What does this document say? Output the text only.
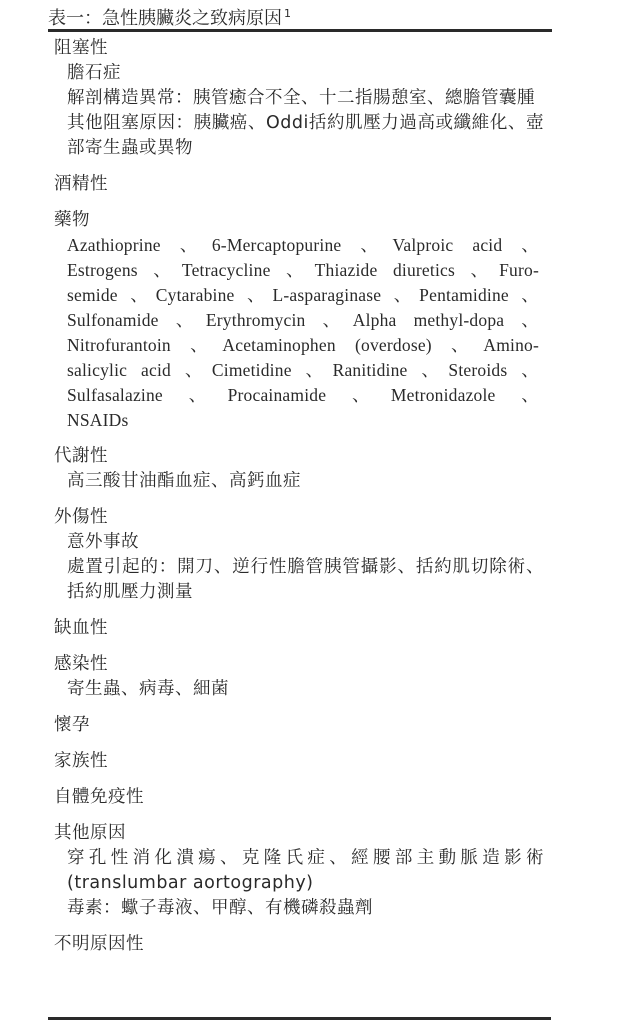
表一：急性胰臟炎之致病原因 $^1$
阻塞性
膽石症
解剖構造異常：胰管癒合不全、十二指腸憩室、總膽管囊腫
其他阻塞原因：胰臟癌、Oddi括約肌壓力過高或纖維化、壺部寄生蟲或異物
酒精性
藥物
Azathioprine 、6-Mercaptopurine 、Valproic acid 、
Estrogens 、Tetracycline 、Thiazide diuretics 、Furo-
semide 、Cytarabine 、L-asparaginase 、Pentamidine 、
Sulfonamide 、Erythromycin 、Alpha methyl-dopa 、
Nitrofurantoin 、Acetaminophen (overdose) 、Amino-
salicylic acid 、Cimetidine 、Ranitidine 、Steroids 、
Sulfasalazine 、Procainamide 、Metronidazole 、
NSAIDs
代謝性
高三酸甘油酯血症、高鈣血症
外傷性
意外事故
處置引起的：開刀、逆行性膽管胰管攝影、括約肌切除術、括約肌壓力測量
缺血性
感染性
寄生蟲、病毒、細菌
懷孕
家族性
自體免疫性
其他原因
穿孔性消化潰瘍、克隆氏症、經腰部主動脈造影術(translumbar aortography)
毒素：蠍子毒液、甲醇、有機磷殺蟲劑
不明原因性
